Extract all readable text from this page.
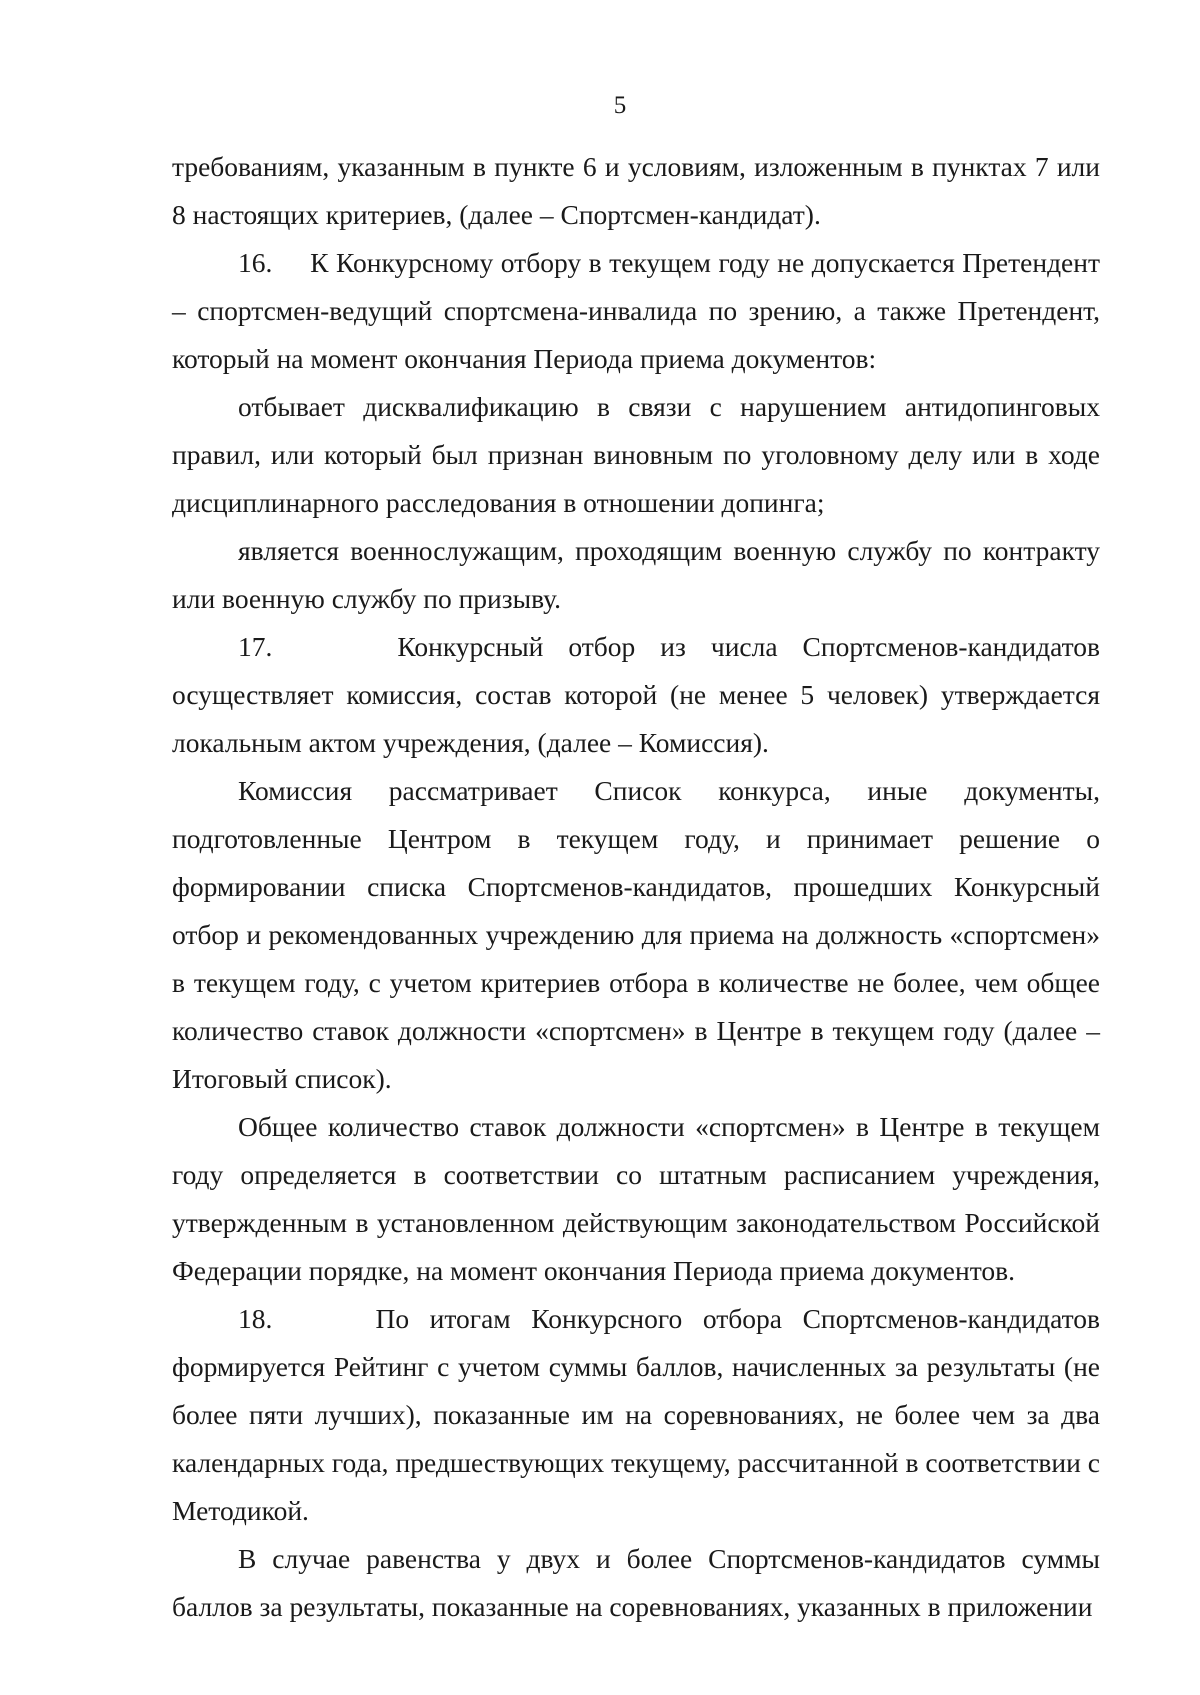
5

требованиям, указанным в пункте 6 и условиям, изложенным в пунктах 7 или 8 настоящих критериев, (далее – Спортсмен-кандидат).

16.     К Конкурсному отбору в текущем году не допускается Претендент – спортсмен-ведущий спортсмена-инвалида по зрению, а также Претендент, который на момент окончания Периода приема документов:

отбывает дисквалификацию в связи с нарушением антидопинговых правил, или который был признан виновным по уголовному делу или в ходе дисциплинарного расследования в отношении допинга;

является военнослужащим, проходящим военную службу по контракту или военную службу по призыву.

17.     Конкурсный отбор из числа Спортсменов-кандидатов осуществляет комиссия, состав которой (не менее 5 человек) утверждается локальным актом учреждения, (далее – Комиссия).

Комиссия рассматривает Список конкурса, иные документы, подготовленные Центром в текущем году, и принимает решение о формировании списка Спортсменов-кандидатов, прошедших Конкурсный отбор и рекомендованных учреждению для приема на должность «спортсмен» в текущем году, с учетом критериев отбора в количестве не более, чем общее количество ставок должности «спортсмен» в Центре в текущем году (далее – Итоговый список).

Общее количество ставок должности «спортсмен» в Центре в текущем году определяется в соответствии со штатным расписанием учреждения, утвержденным в установленном действующим законодательством Российской Федерации порядке, на момент окончания Периода приема документов.

18.     По итогам Конкурсного отбора Спортсменов-кандидатов формируется Рейтинг с учетом суммы баллов, начисленных за результаты (не более пяти лучших), показанные им на соревнованиях, не более чем за два календарных года, предшествующих текущему, рассчитанной в соответствии с Методикой.

В случае равенства у двух и более Спортсменов-кандидатов суммы баллов за результаты, показанные на соревнованиях, указанных в приложении
